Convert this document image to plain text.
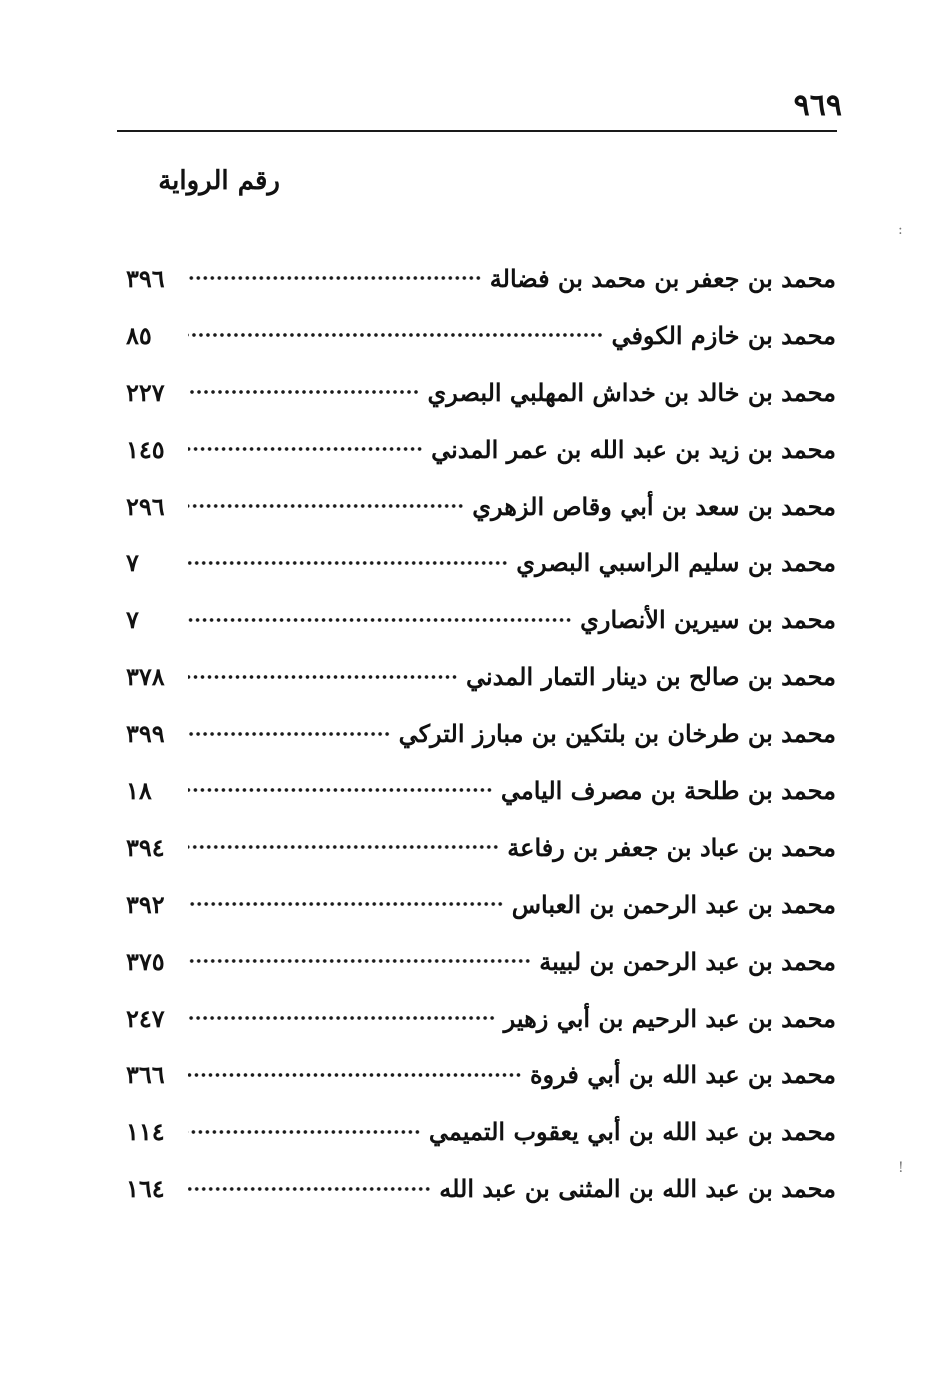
٩٦٩
رقم الرواية
:
!
محمد بن جعفر بن محمد بن فضالة
٣٩٦
محمد بن خازم الكوفي
٨٥
محمد بن خالد بن خداش المهلبي البصري
٢٢٧
محمد بن زيد بن عبد الله بن عمر المدني
١٤٥
محمد بن سعد بن أبي وقاص الزهري
٢٩٦
محمد بن سليم الراسبي البصري
٧
محمد بن سيرين الأنصاري
٧
محمد بن صالح بن دينار التمار المدني
٣٧٨
محمد بن طرخان بن بلتكين بن مبارز التركي
٣٩٩
محمد بن طلحة بن مصرف اليامي
١٨
محمد بن عباد بن جعفر بن رفاعة
٣٩٤
محمد بن عبد الرحمن بن العباس
٣٩٢
محمد بن عبد الرحمن بن لبيبة
٣٧٥
محمد بن عبد الرحيم بن أبي زهير
٢٤٧
محمد بن عبد الله بن أبي فروة
٣٦٦
محمد بن عبد الله بن أبي يعقوب التميمي
١١٤
محمد بن عبد الله بن المثنى بن عبد الله
١٦٤
